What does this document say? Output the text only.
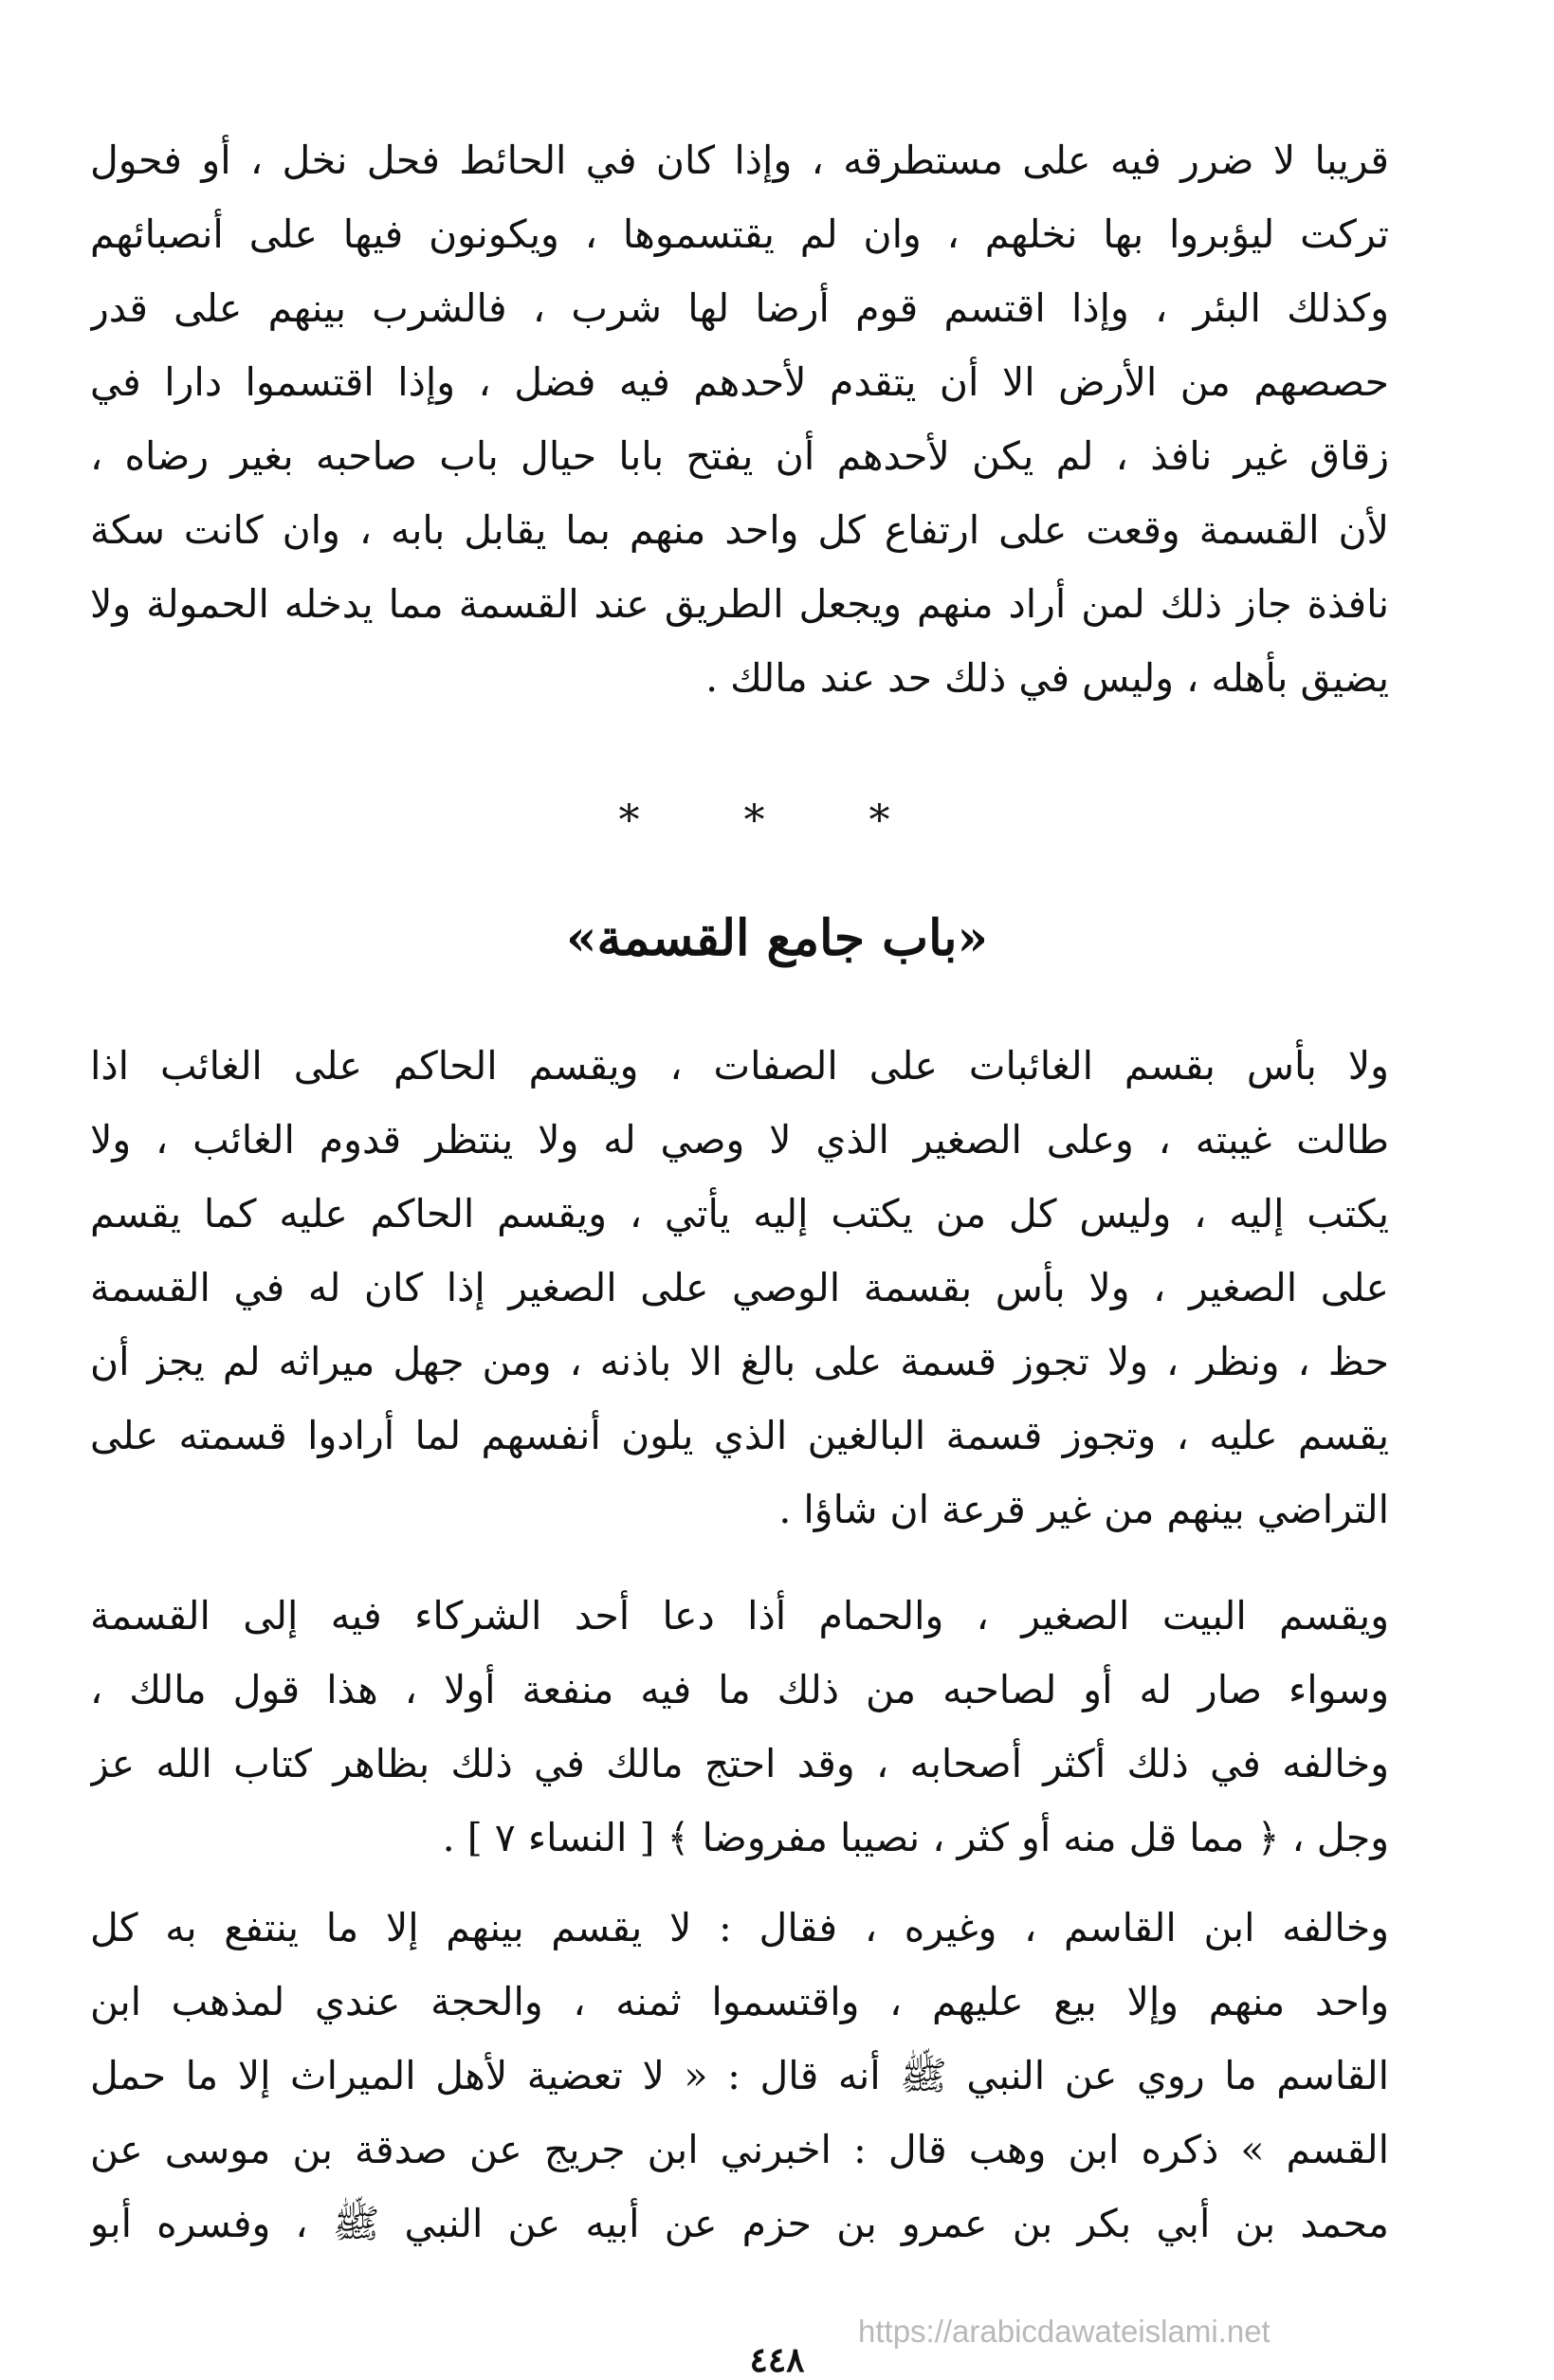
قريبا لا ضرر فيه على مستطرقه ، وإذا كان في الحائط فحل نخل ، أو فحول
تركت ليؤبروا بها نخلهم ، وان لم يقتسموها ، ويكونون فيها على أنصبائهم
وكذلك البئر ، وإذا اقتسم قوم أرضا لها شرب ، فالشرب بينهم على قدر
حصصهم من الأرض الا أن يتقدم لأحدهم فيه فضل ، وإذا اقتسموا دارا في
زقاق غير نافذ ، لم يكن لأحدهم أن يفتح بابا حيال باب صاحبه بغير رضاه ،
لأن القسمة وقعت على ارتفاع كل واحد منهم بما يقابل بابه ، وان كانت سكة
نافذة جاز ذلك لمن أراد منهم ويجعل الطريق عند القسمة مما يدخله الحمولة ولا
يضيق بأهله ، وليس في ذلك حد عند مالك .
* * *
«باب جامع القسمة»
ولا بأس بقسم الغائبات على الصفات ، ويقسم الحاكم على الغائب اذا
طالت غيبته ، وعلى الصغير الذي لا وصي له ولا ينتظر قدوم الغائب ، ولا
يكتب إليه ، وليس كل من يكتب إليه يأتي ، ويقسم الحاكم عليه كما يقسم
على الصغير ، ولا بأس بقسمة الوصي على الصغير إذا كان له في القسمة
حظ ، ونظر ، ولا تجوز قسمة على بالغ الا باذنه ، ومن جهل ميراثه لم يجز أن
يقسم عليه ، وتجوز قسمة البالغين الذي يلون أنفسهم لما أرادوا قسمته على
التراضي بينهم من غير قرعة ان شاؤا .
ويقسم البيت الصغير ، والحمام أذا دعا أحد الشركاء فيه إلى القسمة
وسواء صار له أو لصاحبه من ذلك ما فيه منفعة أولا ، هذا قول مالك ،
وخالفه في ذلك أكثر أصحابه ، وقد احتج مالك في ذلك بظاهر كتاب الله عز
وجل ، ﴿ مما قل منه أو كثر ، نصيبا مفروضا ﴾ [ النساء ٧ ] .
وخالفه ابن القاسم ، وغيره ، فقال : لا يقسم بينهم إلا ما ينتفع به كل
واحد منهم وإلا بيع عليهم ، واقتسموا ثمنه ، والحجة عندي لمذهب ابن
القاسم ما روي عن النبي ﷺ أنه قال : « لا تعضية لأهل الميراث إلا ما حمل
القسم » ذكره ابن وهب قال : اخبرني ابن جريج عن صدقة بن موسى عن
محمد بن أبي بكر بن عمرو بن حزم عن أبيه عن النبي ﷺ ، وفسره أبو
https://arabicdawateislami.net
٤٤٨
